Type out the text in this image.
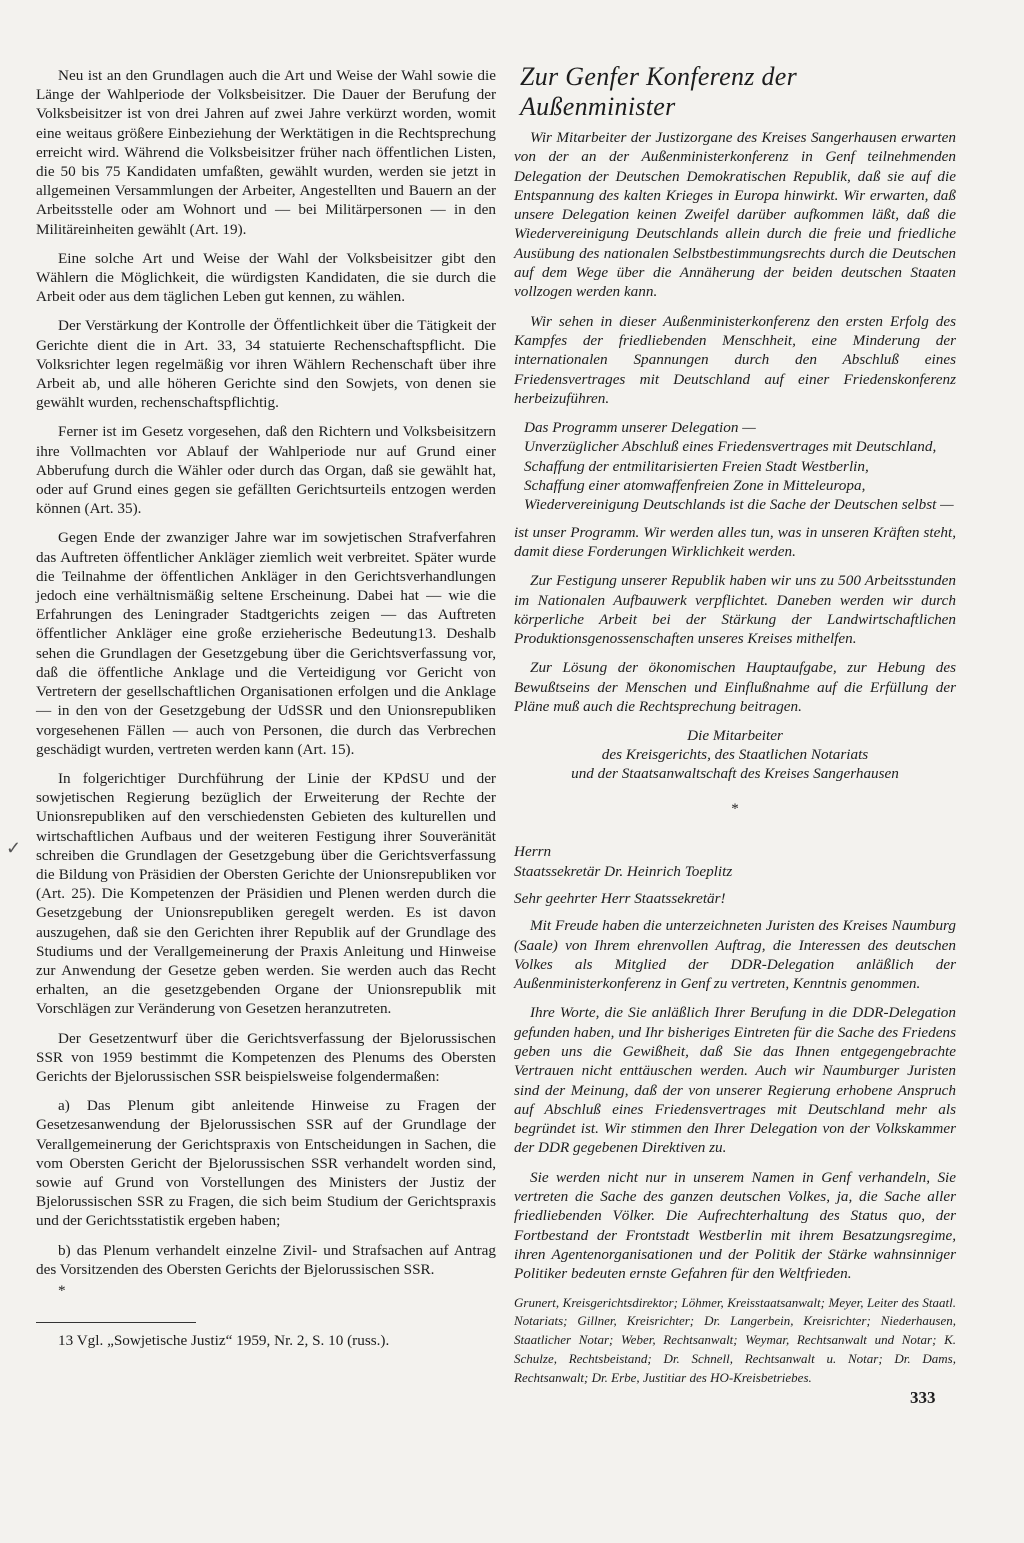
✓

Neu ist an den Grundlagen auch die Art und Weise der Wahl sowie die Länge der Wahlperiode der Volksbeisitzer. Die Dauer der Berufung der Volksbeisitzer ist von drei Jahren auf zwei Jahre verkürzt worden, womit eine weitaus größere Einbeziehung der Werktätigen in die Rechtsprechung erreicht wird. Während die Volksbeisitzer früher nach öffentlichen Listen, die 50 bis 75 Kandidaten umfaßten, gewählt wurden, werden sie jetzt in allgemeinen Versammlungen der Arbeiter, Angestellten und Bauern an der Arbeitsstelle oder am Wohnort und — bei Militärpersonen — in den Militäreinheiten gewählt (Art. 19).

Eine solche Art und Weise der Wahl der Volksbeisitzer gibt den Wählern die Möglichkeit, die würdigsten Kandidaten, die sie durch die Arbeit oder aus dem täglichen Leben gut kennen, zu wählen.

Der Verstärkung der Kontrolle der Öffentlichkeit über die Tätigkeit der Gerichte dient die in Art. 33, 34 statuierte Rechenschaftspflicht. Die Volksrichter legen regelmäßig vor ihren Wählern Rechenschaft über ihre Arbeit ab, und alle höheren Gerichte sind den Sowjets, von denen sie gewählt wurden, rechenschaftspflichtig.

Ferner ist im Gesetz vorgesehen, daß den Richtern und Volksbeisitzern ihre Vollmachten vor Ablauf der Wahlperiode nur auf Grund einer Abberufung durch die Wähler oder durch das Organ, daß sie gewählt hat, oder auf Grund eines gegen sie gefällten Gerichtsurteils entzogen werden können (Art. 35).

Gegen Ende der zwanziger Jahre war im sowjetischen Strafverfahren das Auftreten öffentlicher Ankläger ziemlich weit verbreitet. Später wurde die Teilnahme der öffentlichen Ankläger in den Gerichtsverhandlungen jedoch eine verhältnismäßig seltene Erscheinung. Dabei hat — wie die Erfahrungen des Leningrader Stadtgerichts zeigen — das Auftreten öffentlicher Ankläger eine große erzieherische Bedeutung13. Deshalb sehen die Grundlagen der Gesetzgebung über die Gerichtsverfassung vor, daß die öffentliche Anklage und die Verteidigung vor Gericht von Vertretern der gesellschaftlichen Organisationen erfolgen und die Anklage — in den von der Gesetzgebung der UdSSR und den Unionsrepubliken vorgesehenen Fällen — auch von Personen, die durch das Verbrechen geschädigt wurden, vertreten werden kann (Art. 15).

In folgerichtiger Durchführung der Linie der KPdSU und der sowjetischen Regierung bezüglich der Erweiterung der Rechte der Unionsrepubliken auf den verschiedensten Gebieten des kulturellen und wirtschaftlichen Aufbaus und der weiteren Festigung ihrer Souveränität schreiben die Grundlagen der Gesetzgebung über die Gerichtsverfassung die Bildung von Präsidien der Obersten Gerichte der Unionsrepubliken vor (Art. 25). Die Kompetenzen der Präsidien und Plenen werden durch die Gesetzgebung der Unionsrepubliken geregelt werden. Es ist davon auszugehen, daß sie den Gerichten ihrer Republik auf der Grundlage des Studiums und der Verallgemeinerung der Praxis Anleitung und Hinweise zur Anwendung der Gesetze geben werden. Sie werden auch das Recht erhalten, an die gesetzgebenden Organe der Unionsrepublik mit Vorschlägen zur Veränderung von Gesetzen heranzutreten.

Der Gesetzentwurf über die Gerichtsverfassung der Bjelorussischen SSR von 1959 bestimmt die Kompetenzen des Plenums des Obersten Gerichts der Bjelorussischen SSR beispielsweise folgendermaßen:

a) Das Plenum gibt anleitende Hinweise zu Fragen der Gesetzesanwendung der Bjelorussischen SSR auf der Grundlage der Verallgemeinerung der Gerichtspraxis von Entscheidungen in Sachen, die vom Obersten Gericht der Bjelorussischen SSR verhandelt worden sind, sowie auf Grund von Vorstellungen des Ministers der Justiz der Bjelorussischen SSR zu Fragen, die sich beim Studium der Gerichtspraxis und der Gerichtsstatistik ergeben haben;

b) das Plenum verhandelt einzelne Zivil- und Strafsachen auf Antrag des Vorsitzenden des Obersten Gerichts der Bjelorussischen SSR.

*

13 Vgl. „Sowjetische Justiz“ 1959, Nr. 2, S. 10 (russ.).

Zur Genfer Konferenz der Außenminister

Wir Mitarbeiter der Justizorgane des Kreises Sangerhausen erwarten von der an der Außenministerkonferenz in Genf teilnehmenden Delegation der Deutschen Demokratischen Republik, daß sie auf die Entspannung des kalten Krieges in Europa hinwirkt. Wir erwarten, daß unsere Delegation keinen Zweifel darüber aufkommen läßt, daß die Wiedervereinigung Deutschlands allein durch die freie und friedliche Ausübung des nationalen Selbstbestimmungsrechts durch die Deutschen auf dem Wege über die Annäherung der beiden deutschen Staaten vollzogen werden kann.

Wir sehen in dieser Außenministerkonferenz den ersten Erfolg des Kampfes der friedliebenden Menschheit, eine Minderung der internationalen Spannungen durch den Abschluß eines Friedensvertrages mit Deutschland auf einer Friedenskonferenz herbeizuführen.

Das Programm unserer Delegation —

Unverzüglicher Abschluß eines Friedensvertrages mit Deutschland,

Schaffung der entmilitarisierten Freien Stadt Westberlin,

Schaffung einer atomwaffenfreien Zone in Mitteleuropa,

Wiedervereinigung Deutschlands ist die Sache der Deutschen selbst —

ist unser Programm. Wir werden alles tun, was in unseren Kräften steht, damit diese Forderungen Wirklichkeit werden.

Zur Festigung unserer Republik haben wir uns zu 500 Arbeitsstunden im Nationalen Aufbauwerk verpflichtet. Daneben werden wir durch körperliche Arbeit bei der Stärkung der Landwirtschaftlichen Produktionsgenossenschaften unseres Kreises mithelfen.

Zur Lösung der ökonomischen Hauptaufgabe, zur Hebung des Bewußtseins der Menschen und Einflußnahme auf die Erfüllung der Pläne muß auch die Rechtsprechung beitragen.

Die Mitarbeiter

des Kreisgerichts, des Staatlichen Notariats

und der Staatsanwaltschaft des Kreises Sangerhausen

*

Herrn

Staatssekretär Dr. Heinrich Toeplitz

Sehr geehrter Herr Staatssekretär!

Mit Freude haben die unterzeichneten Juristen des Kreises Naumburg (Saale) von Ihrem ehrenvollen Auftrag, die Interessen des deutschen Volkes als Mitglied der DDR-Delegation anläßlich der Außenministerkonferenz in Genf zu vertreten, Kenntnis genommen.

Ihre Worte, die Sie anläßlich Ihrer Berufung in die DDR-Delegation gefunden haben, und Ihr bisheriges Eintreten für die Sache des Friedens geben uns die Gewißheit, daß Sie das Ihnen entgegengebrachte Vertrauen nicht enttäuschen werden. Auch wir Naumburger Juristen sind der Meinung, daß der von unserer Regierung erhobene Anspruch auf Abschluß eines Friedensvertrages mit Deutschland mehr als begründet ist. Wir stimmen den Ihrer Delegation von der Volkskammer der DDR gegebenen Direktiven zu.

Sie werden nicht nur in unserem Namen in Genf verhandeln, Sie vertreten die Sache des ganzen deutschen Volkes, ja, die Sache aller friedliebenden Völker. Die Aufrechterhaltung des Status quo, der Fortbestand der Frontstadt Westberlin mit ihrem Besatzungsregime, ihren Agentenorganisationen und der Politik der Stärke wahnsinniger Politiker bedeuten ernste Gefahren für den Weltfrieden.

Grunert, Kreisgerichtsdirektor; Löhmer, Kreisstaatsanwalt; Meyer, Leiter des Staatl. Notariats; Gillner, Kreisrichter; Dr. Langerbein, Kreisrichter; Niederhausen, Staatlicher Notar; Weber, Rechtsanwalt; Weymar, Rechtsanwalt und Notar; K. Schulze, Rechtsbeistand; Dr. Schnell, Rechtsanwalt u. Notar; Dr. Dams, Rechtsanwalt; Dr. Erbe, Justitiar des HO-Kreisbetriebes.

333
